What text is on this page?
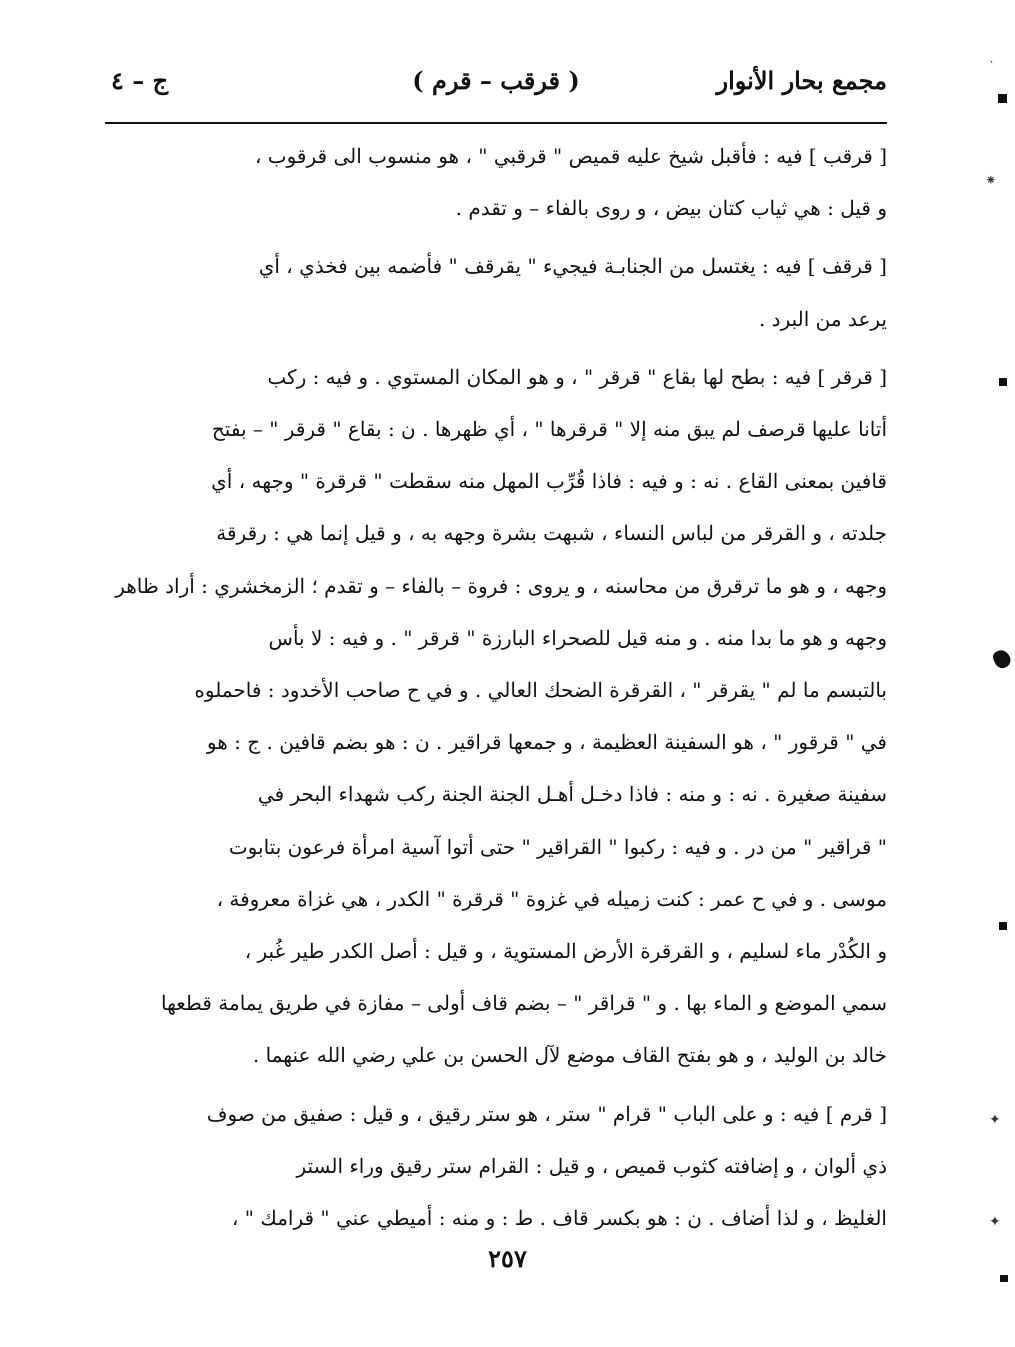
مجمع بحار الأنوار
( قرقب – قرم )
ج – ٤

[ قرقب ] فيه : فأقبل شيخ عليه قميص " قرقبي " ، هو منسوب الى قرقوب ،
و قيل : هي ثياب كتان بيض ، و روى بالفاء – و تقدم .

[ قرقف ] فيه : يغتسل من الجنابـة فيجيء " يقرقف " فأضمه بين فخذي ، أي
يرعد من البرد .

[ قرقر ] فيه : بطح لها بقاع " قرقر " ، و هو المكان المستوي . و فيه : ركب
أتانا عليها قرصف لم يبق منه إلا " قرقرها " ، أي ظهرها . ن : بقاع " قرقر " – بفتح
قافين بمعنى القاع . نه : و فيه : فاذا قُرِّب المهل منه سقطت " قرقرة " وجهه ، أي
جلدته ، و القرقر من لباس النساء ، شبهت بشرة وجهه به ، و قيل إنما هي : رقرقة
وجهه ، و هو ما ترقرق من محاسنه ، و يروى : فروة – بالفاء – و تقدم ؛ الزمخشري : أراد ظاهر
وجهه و هو ما بدا منه . و منه قيل للصحراء البارزة " قرقر " . و فيه : لا بأس
بالتبسم ما لم " يقرقر " ، القرقرة الضحك العالي . و في ح صاحب الأخدود : فاحملوه
في " قرقور " ، هو السفينة العظيمة ، و جمعها قراقير . ن : هو بضم قافين . ج : هو
سفينة صغيرة . نه : و منه : فاذا دخـل أهـل الجنة الجنة ركب شهداء البحر في
" قراقير " من در . و فيه : ركبوا " القراقير " حتى أتوا آسية امرأة فرعون بتابوت
موسى . و في ح عمر : كنت زميله في غزوة " قرقرة " الكدر ، هي غزاة معروفة ،
و الكُدْر ماء لسليم ، و القرقرة الأرض المستوية ، و قيل : أصل الكدر طير غُبر ،
سمي الموضع و الماء بها . و " قراقر " – بضم قاف أولى – مفازة في طريق يمامة قطعها
خالد بن الوليد ، و هو بفتح القاف موضع لآل الحسن بن علي رضي الله عنهما .

[ قرم ] فيه : و على الباب " قرام " ستر ، هو ستر رقيق ، و قيل : صفيق من صوف
ذي ألوان ، و إضافته كثوب قميص ، و قيل : القرام ستر رقيق وراء الستر
الغليظ ، و لذا أضاف . ن : هو بكسر قاف . ط : و منه : أميطي عني " قرامك " ،

٢٥٧
˙
⁕
✦
✦
